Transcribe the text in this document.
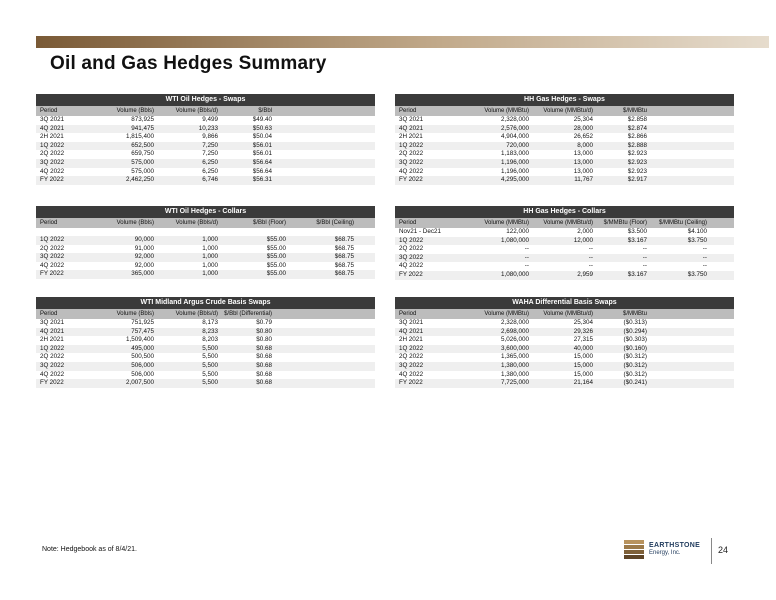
Oil and Gas Hedges Summary
WTI Oil Hedges - Swaps
Period	Volume (Bbls)	Volume (Bbls/d)	$/Bbl
3Q 2021	873,925	9,499	$49.40
4Q 2021	941,475	10,233	$50.63
2H 2021	1,815,400	9,866	$50.04
1Q 2022	652,500	7,250	$56.01
2Q 2022	659,750	7,250	$56.01
3Q 2022	575,000	6,250	$56.64
4Q 2022	575,000	6,250	$56.64
FY 2022	2,462,250	6,746	$56.31
HH Gas Hedges - Swaps
Period	Volume (MMBtu)	Volume (MMBtu/d)	$/MMBtu
3Q 2021	2,328,000	25,304	$2.858
4Q 2021	2,576,000	28,000	$2.874
2H 2021	4,904,000	26,652	$2.866
1Q 2022	720,000	8,000	$2.888
2Q 2022	1,183,000	13,000	$2.923
3Q 2022	1,196,000	13,000	$2.923
4Q 2022	1,196,000	13,000	$2.923
FY 2022	4,295,000	11,767	$2.917
WTI Oil Hedges - Collars
Period	Volume (Bbls)	Volume (Bbls/d)	$/Bbl (Floor)	$/Bbl (Ceiling)
1Q 2022	90,000	1,000	$55.00	$68.75
2Q 2022	91,000	1,000	$55.00	$68.75
3Q 2022	92,000	1,000	$55.00	$68.75
4Q 2022	92,000	1,000	$55.00	$68.75
FY 2022	365,000	1,000	$55.00	$68.75
HH Gas Hedges - Collars
Period	Volume (MMBtu)	Volume (MMBtu/d)	$/MMBtu (Floor)	$/MMBtu (Ceiling)
Nov21 - Dec21	122,000	2,000	$3.500	$4.100
1Q 2022	1,080,000	12,000	$3.167	$3.750
2Q 2022	--	--	--	--
3Q 2022	--	--	--	--
4Q 2022	--	--	--	--
FY 2022	1,080,000	2,959	$3.167	$3.750
WTI Midland Argus Crude Basis Swaps
Period	Volume (Bbls)	Volume (Bbls/d)	$/Bbl (Differential)
3Q 2021	751,925	8,173	$0.79
4Q 2021	757,475	8,233	$0.80
2H 2021	1,509,400	8,203	$0.80
1Q 2022	495,000	5,500	$0.68
2Q 2022	500,500	5,500	$0.68
3Q 2022	506,000	5,500	$0.68
4Q 2022	506,000	5,500	$0.68
FY 2022	2,007,500	5,500	$0.68
WAHA Differential Basis Swaps
Period	Volume (MMBtu)	Volume (MMBtu/d)	$/MMBtu
3Q 2021	2,328,000	25,304	($0.313)
4Q 2021	2,698,000	29,326	($0.294)
2H 2021	5,026,000	27,315	($0.303)
1Q 2022	3,600,000	40,000	($0.160)
2Q 2022	1,365,000	15,000	($0.312)
3Q 2022	1,380,000	15,000	($0.312)
4Q 2022	1,380,000	15,000	($0.312)
FY 2022	7,725,000	21,164	($0.241)
Note: Hedgebook as of 8/4/21.
EARTHSTONE
Energy, Inc.	24
